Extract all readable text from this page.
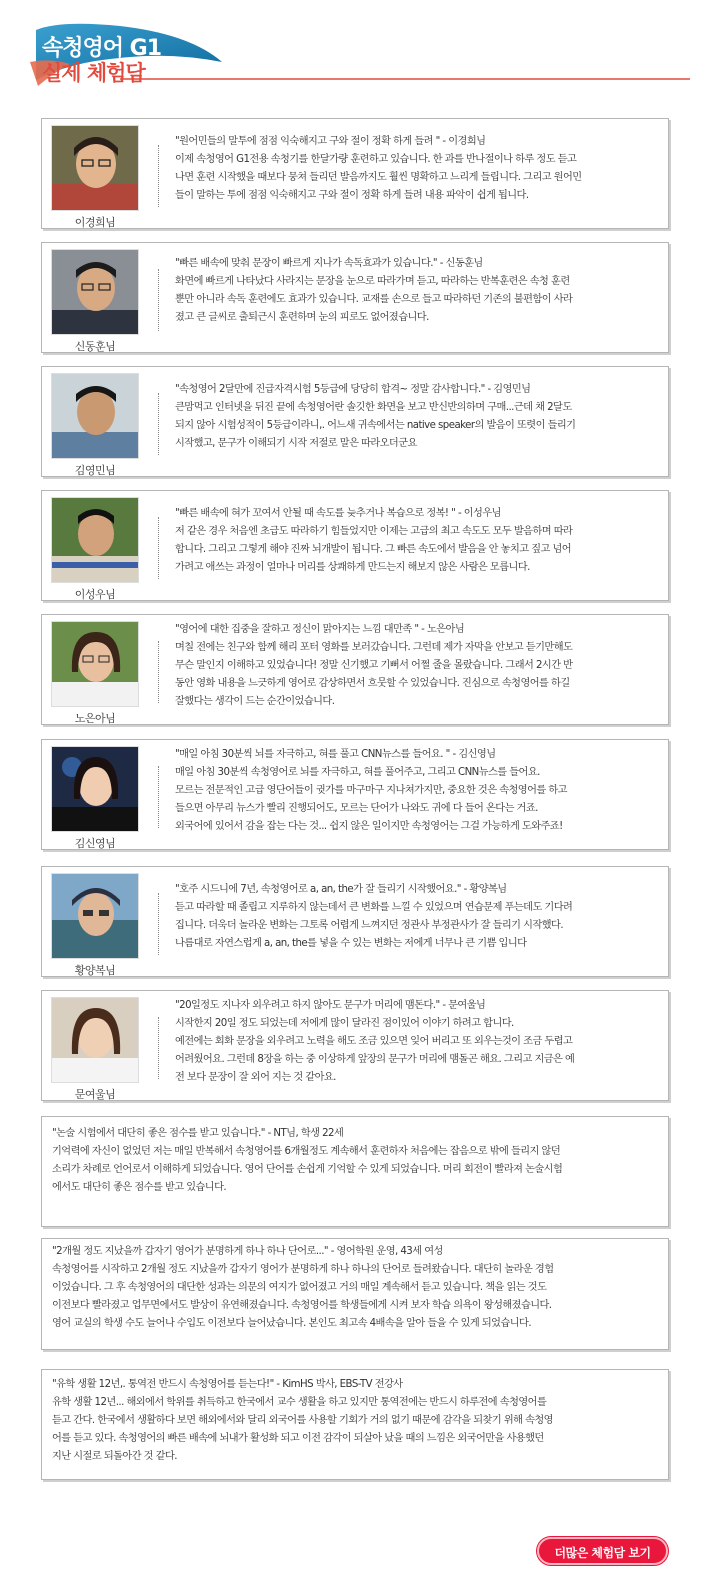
속청영어 G1
실제 체험담
이경희님
"원어민들의 말투에 점점 익숙해지고 구와 절이 정확 하게 들려 " - 이경희님
이제 속청영어 G1전용 속청기를 한달가량 훈련하고 있습니다. 한 과를 반나절이나 하루 정도 듣고
나면 훈련 시작했을 때보다 뭉쳐 들리던 발음까지도 훨씬 명확하고 느리게 들립니다. 그리고 원어민
들이 말하는 투에 점점 익숙해지고 구와 절이 정확 하게 들려 내용 파악이 쉽게 됩니다.
신동훈님
"빠른 배속에 맞춰 문장이 빠르게 지나가 속독효과가 있습니다." - 신동훈님
화면에 빠르게 나타났다 사라지는 문장을 눈으로 따라가며 듣고, 따라하는 반복훈련은 속청 훈련
뿐만 아니라 속독 훈련에도 효과가 있습니다. 교재를 손으로 들고 따라하던 기존의 불편함이 사라
졌고 큰 글씨로 출퇴근시 훈련하며 눈의 피로도 없어졌습니다.
김영민님
"속청영어 2달만에 진급자격시험 5등급에 당당히 합격~ 정말 감사합니다." - 김영민님
큰맘먹고 인터넷을 뒤진 끝에 속청영어란 솔깃한 화면을 보고 반신반의하며 구매...근데 채 2달도
되지 않아 시험성적이 5등급이라니,. 어느새 귀속에서는 native speaker의 발음이 또렷이 들리기
시작했고, 문구가 이해되기 시작 저절로 말은 따라오더군요
이성우님
"빠른 배속에 혀가 꼬여서 안될 때 속도를 늦추거나 복습으로 정복! " - 이성우님
저 같은 경우 처음엔 초급도 따라하기 힘들었지만 이제는 고급의 최고 속도도 모두 발음하며 따라
합니다. 그리고 그렇게 해야 진짜 뇌개발이 됩니다. 그 빠른 속도에서 발음을 안 놓치고 짚고 넘어
가려고 애쓰는 과정이 얼마나 머리를 상쾌하게 만드는지 해보지 않은 사람은 모릅니다.
노은아님
"영어에 대한 집중을 잘하고 정신이 맑아지는 느낌 대만족 " - 노은아님
며칠 전에는 친구와 함께 해리 포터 영화를 보러갔습니다. 그런데 제가 자막을 안보고 듣기만해도
무슨 말인지 이해하고 있었습니다! 정말 신기했고 기뻐서 어쩔 줄을 몰랐습니다. 그래서 2시간 반
동안 영화 내용을 느긋하게 영어로 감상하면서 흐뭇할 수 있었습니다. 진심으로 속청영어를 하길
잘했다는 생각이 드는 순간이었습니다.
김신영님
"매일 아침 30분씩 뇌를 자극하고, 혀를 풀고 CNN뉴스를 들어요. " - 김신영님
매일 아침 30분씩 속청영어로 뇌를 자극하고, 혀를 풀어주고, 그리고 CNN뉴스를 들어요.
모르는 전문적인 고급 영단어들이 귓가를 마구마구 지나쳐가지만, 중요한 것은 속청영어를 하고
들으면 아무리 뉴스가 빨리 진행되어도, 모르는 단어가 나와도 귀에 다 들어 온다는 거죠.
외국어에 있어서 감을 잡는 다는 것... 쉽지 않은 일이지만 속청영어는 그걸 가능하게 도와주죠!
황양복님
"호주 시드니에 7년, 속청영어로 a, an, the가 잘 들리기 시작했어요." - 황양복님
듣고 따라할 때 졸립고 지루하지 않는데서 큰 변화를 느낄 수 있었으며 연습문제 푸는데도 기다려
집니다. 더욱더 놀라운 변화는 그토록 어렵게 느껴지던 정관사 부정관사가 잘 들리기 시작했다.
나름대로 자연스럽게 a, an, the를 넣을 수 있는 변화는 저에게 너무나 큰 기쁨 입니다
문여울님
"20일정도 지나자 외우려고 하지 않아도 문구가 머리에 맴돈다." - 문여울님
시작한지 20일 정도 되었는데 저에게 많이 달라진 점이있어 이야기 하려고 합니다.
예전에는 회화 문장을 외우려고 노력을 해도 조금 있으면 잊어 버리고 또 외우는것이 조금 두렵고
어려웠어요. 그런데 8장을 하는 중 이상하게 앞장의 문구가 머리에 맴돌곤 해요. 그리고 지금은 예
전 보다 문장이 잘 외어 지는 것 같아요.
"논술 시험에서 대단히 좋은 점수를 받고 있습니다." - NT님, 학생 22세
기억력에 자신이 없었던 저는 매일 반복해서 속청영어를 6개월정도 계속해서 훈련하자 처음에는 잡음으로 밖에 들리지 않던
소리가 차례로 언어로서 이해하게 되었습니다. 영어 단어를 손쉽게 기억할 수 있게 되었습니다. 머리 회전이 빨라져 논술시험
에서도 대단히 좋은 점수를 받고 있습니다.
"2개월 정도 지났을까 갑자기 영어가 분명하게 하나 하나 단어로..." - 영어학원 운영, 43세 여성
속청영어를 시작하고 2개월 정도 지났을까 갑자기 영어가 분명하게 하나 하나의 단어로 들려왔습니다. 대단히 놀라운 경험
이었습니다. 그 후 속청영어의 대단한 성과는 의문의 여지가 없어졌고 거의 매일 계속해서 듣고 있습니다. 책을 읽는 것도
이전보다 빨라졌고 업무면에서도 발상이 유연해졌습니다. 속청영어를 학생들에게 시켜 보자 학습 의욕이 왕성해졌습니다.
영어 교실의 학생 수도 늘어나 수입도 이전보다 늘어났습니다. 본인도 최고속 4배속을 알아 들을 수 있게 되었습니다.
"유학 생활 12년,. 통역전 반드시 속청영어를 듣는다!" - KimHS 박사, EBS-TV 전강사
유학 생활 12년... 해외에서 학위를 취득하고 한국에서 교수 생활을 하고 있지만 통역전에는 반드시 하루전에 속청영어를
듣고 간다. 한국에서 생활하다 보면 해외에서와 달리 외국어를 사용할 기회가 거의 없기 때문에 감각을 되찾기 위해 속청영
어를 듣고 있다. 속청영어의 빠른 배속에 뇌내가 활성화 되고 이전 감각이 되살아 났을 때의 느낌은 외국어만을 사용했던
지난 시절로 되돌아간 것 같다.
더많은 체험담 보기
